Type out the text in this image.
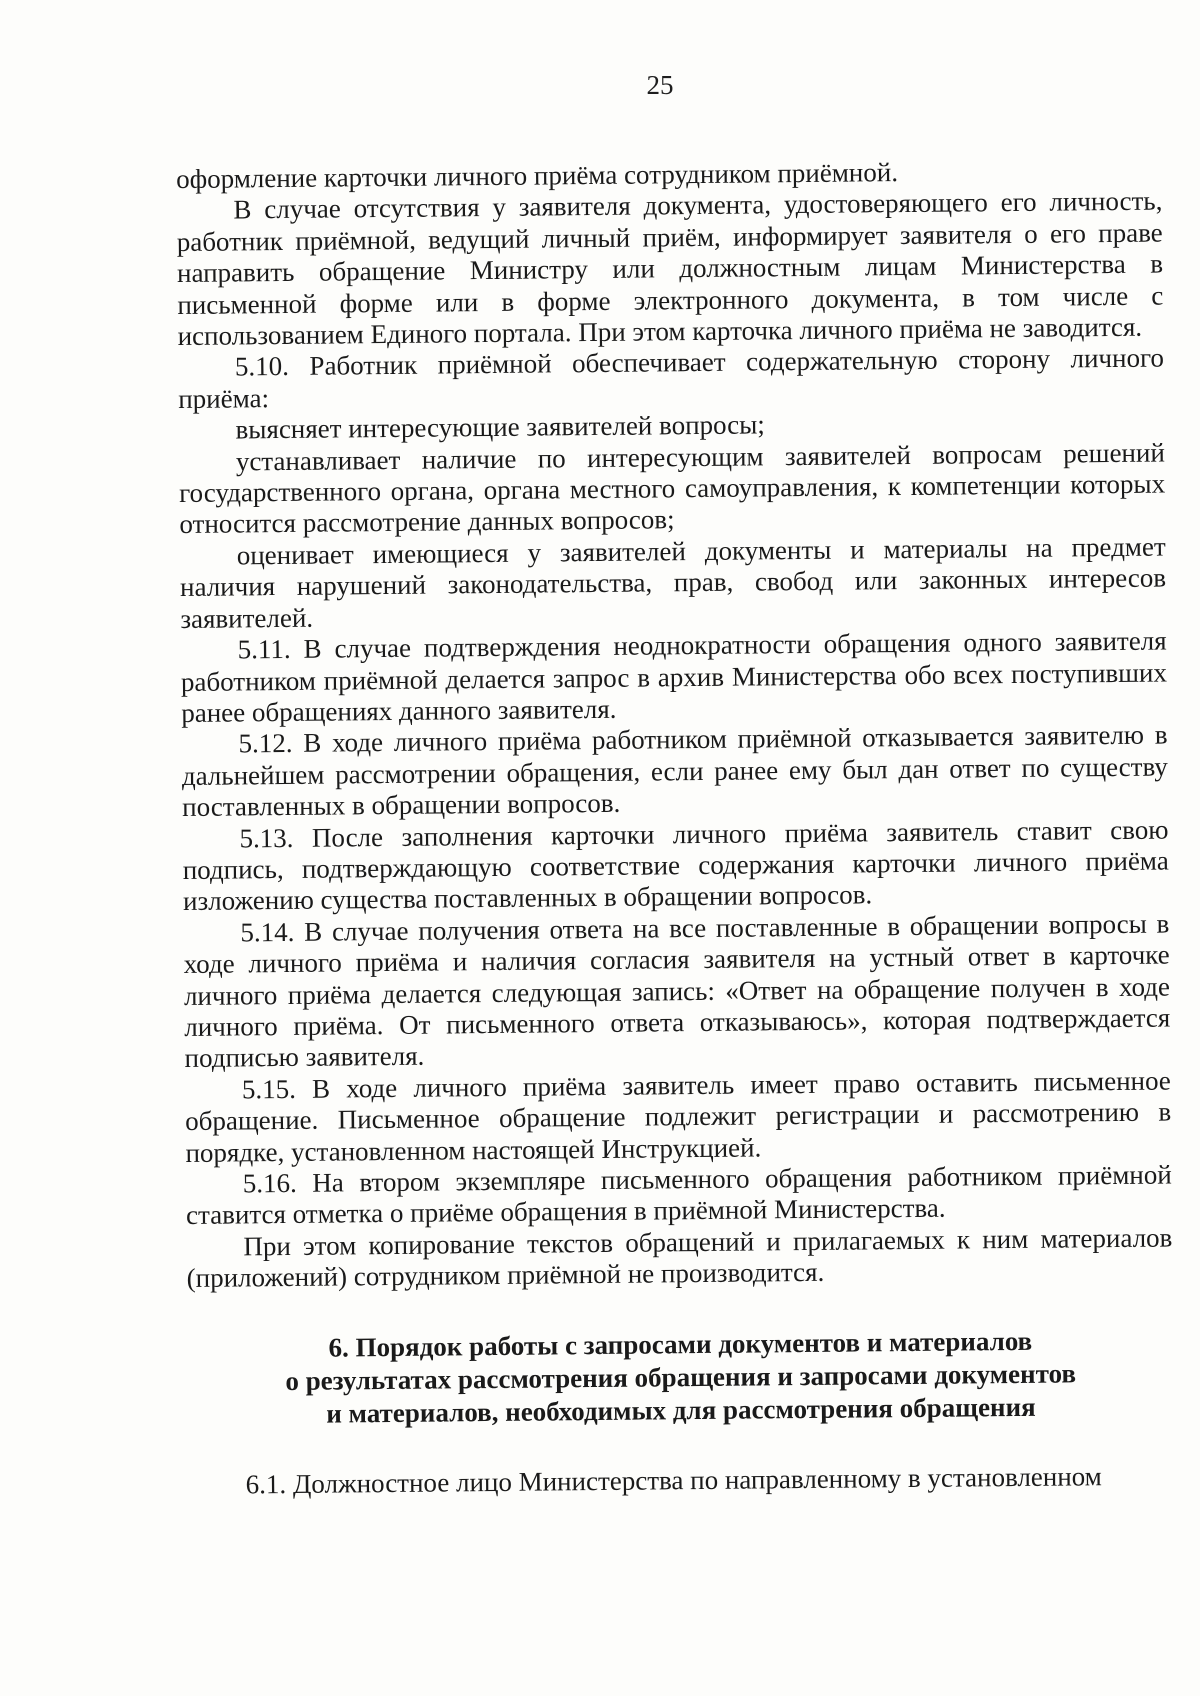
25

оформление карточки личного приёма сотрудником приёмной.

В случае отсутствия у заявителя документа, удостоверяющего его личность, работник приёмной, ведущий личный приём, информирует заявителя о его праве направить обращение Министру или должностным лицам Министерства в письменной форме или в форме электронного документа, в том числе с использованием Единого портала. При этом карточка личного приёма не заводится.

5.10. Работник приёмной обеспечивает содержательную сторону личного приёма:

выясняет интересующие заявителей вопросы;

устанавливает наличие по интересующим заявителей вопросам решений государственного органа, органа местного самоуправления, к компетенции которых относится рассмотрение данных вопросов;

оценивает имеющиеся у заявителей документы и материалы на предмет наличия нарушений законодательства, прав, свобод или законных интересов заявителей.

5.11. В случае подтверждения неоднократности обращения одного заявителя работником приёмной делается запрос в архив Министерства обо всех поступивших ранее обращениях данного заявителя.

5.12. В ходе личного приёма работником приёмной отказывается заявителю в дальнейшем рассмотрении обращения, если ранее ему был дан ответ по существу поставленных в обращении вопросов.

5.13. После заполнения карточки личного приёма заявитель ставит свою подпись, подтверждающую соответствие содержания карточки личного приёма изложению существа поставленных в обращении вопросов.

5.14. В случае получения ответа на все поставленные в обращении вопросы в ходе личного приёма и наличия согласия заявителя на устный ответ в карточке личного приёма делается следующая запись: «Ответ на обращение получен в ходе личного приёма. От письменного ответа отказываюсь», которая подтверждается подписью заявителя.

5.15. В ходе личного приёма заявитель имеет право оставить письменное обращение. Письменное обращение подлежит регистрации и рассмотрению в порядке, установленном настоящей Инструкцией.

5.16. На втором экземпляре письменного обращения работником приёмной ставится отметка о приёме обращения в приёмной Министерства.

При этом копирование текстов обращений и прилагаемых к ним материалов (приложений) сотрудником приёмной не производится.

6. Порядок работы с запросами документов и материалов
о результатах рассмотрения обращения и запросами документов
и материалов, необходимых для рассмотрения обращения

6.1. Должностное лицо Министерства по направленному в установленном
